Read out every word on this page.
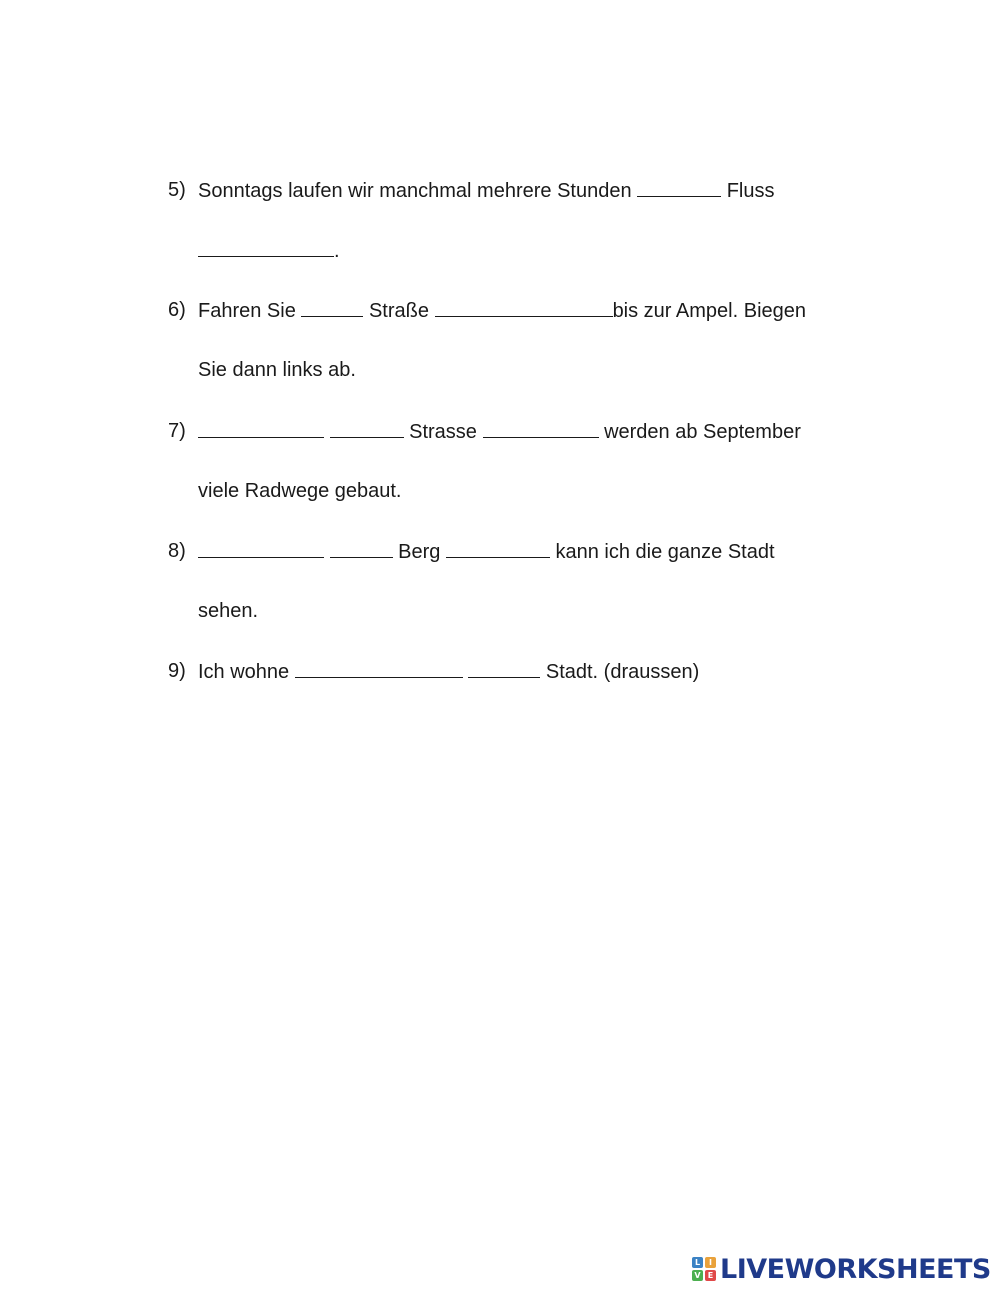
5) Sonntags laufen wir manchmal mehrere Stunden	Fluss
.
6) Fahren Sie	Straße	bis zur Ampel. Biegen
Sie dann links ab.
7)	Strasse	werden ab September
viele Radwege gebaut.
8)	Berg	kann ich die ganze Stadt
sehen.
9) Ich wohne	Stadt. (draussen)
L	I
V E LIVEWORKSHEETS
